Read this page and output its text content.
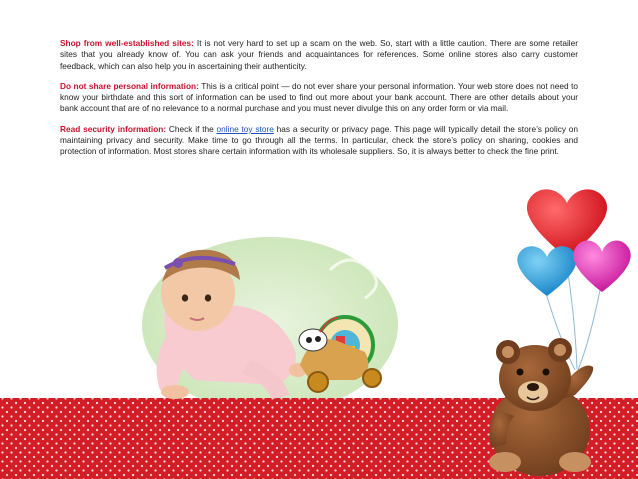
Shop from well-established sites: It is not very hard to set up a scam on the web. So, start with a little caution. There are some retailer sites that you already know of. You can ask your friends and acquaintances for references. Some online stores also carry customer feedback, which can also help you in ascertaining their authenticity.

Do not share personal information: This is a critical point — do not ever share your personal information. Your web store does not need to know your birthdate and this sort of information can be used to find out more about your bank account. There are other details about your bank account that are of no relevance to a normal purchase and you must never divulge this on any order form or via mail.

Read security information: Check if the online toy store has a security or privacy page. This page will typically detail the store’s policy on maintaining privacy and security. Make time to go through all the terms. In particular, check the store’s policy on sharing, cookies and protection of information. Most stores share certain information with its wholesale suppliers. So, it is always better to check the fine print.
